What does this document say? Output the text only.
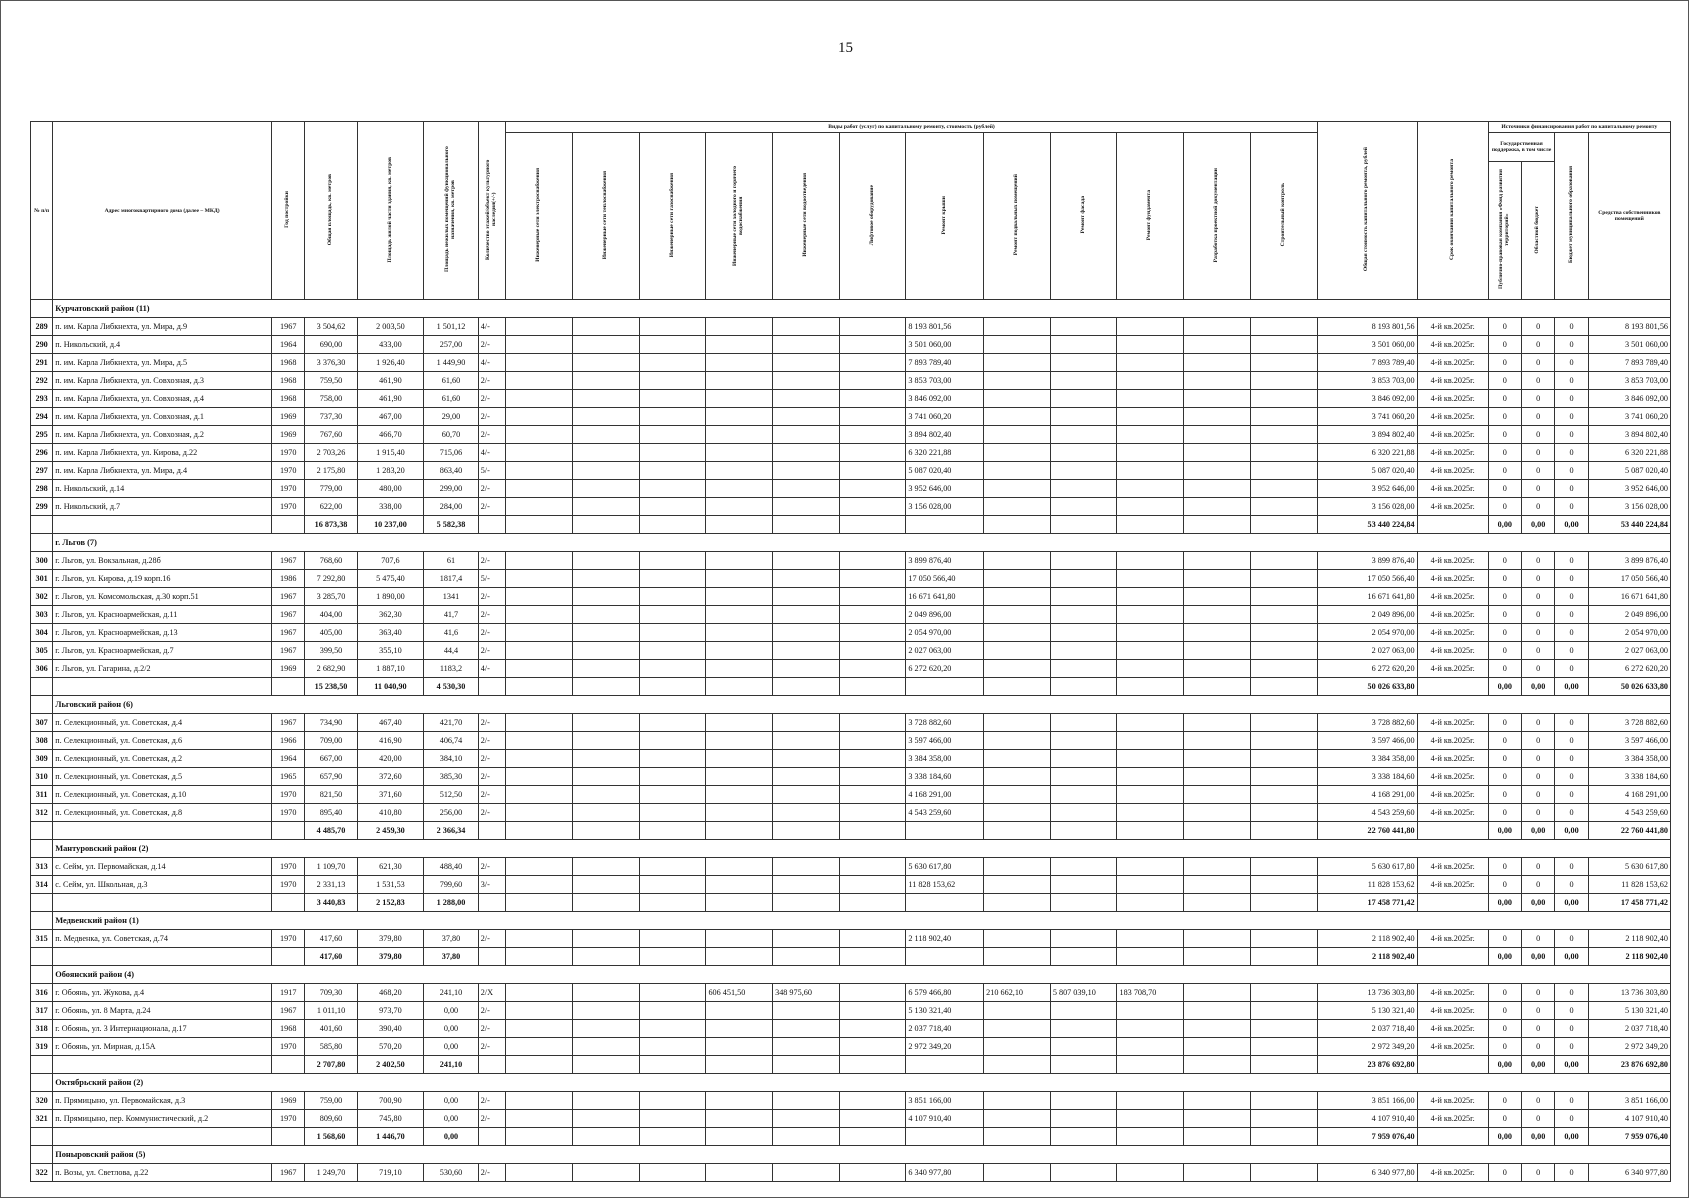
15
№ п/п	Адрес многоквартирного дома (далее – МКД)	Год постройки	Общая площадь, кв. метров	Площадь жилой части здания, кв. метров	Площадь нежилых помещений функционального назначения, кв. метров	Количество этажей/объект культурного наследия(+/-)	Виды работ (услуг) по капитальному ремонту, стоимость (рублей)												Общая стоимость капитального ремонта, рублей	Срок окончания капитального ремонта	Источники финансирования работ по капитальному ремонту			
							Инженерные сети электроснабжения	Инженерные сети теплоснабжения	Инженерные сети газоснабжения	Инженерные сети холодного и горячего водоснабжения	Инженерные сети водоотведения	Лифтовое оборудование	Ремонт крыши	Ремонт подвальных помещений	Ремонт фасада	Ремонт фундамента	Разработка проектной документации	Строительный контроль			Государственная поддержка, в том числе		Бюджет муниципального образования	Средства собственников помещений
																					Публично-правовая компания «Фонд развития территорий»	Областной бюджет		
	Курчатовский район (11)																							
289	п. им. Карла Либкнехта, ул. Мира, д.9	1967	3 504,62	2 003,50	1 501,12	4/-							8 193 801,56						8 193 801,56	4-й кв.2025г.	0	0	0	8 193 801,56
290	п. Никольский, д.4	1964	690,00	433,00	257,00	2/-							3 501 060,00						3 501 060,00	4-й кв.2025г.	0	0	0	3 501 060,00
291	п. им. Карла Либкнехта, ул. Мира, д.5	1968	3 376,30	1 926,40	1 449,90	4/-							7 893 789,40						7 893 789,40	4-й кв.2025г.	0	0	0	7 893 789,40
292	п. им. Карла Либкнехта, ул. Совхозная, д.3	1968	759,50	461,90	61,60	2/-							3 853 703,00						3 853 703,00	4-й кв.2025г.	0	0	0	3 853 703,00
293	п. им. Карла Либкнехта, ул. Совхозная, д.4	1968	758,00	461,90	61,60	2/-							3 846 092,00						3 846 092,00	4-й кв.2025г.	0	0	0	3 846 092,00
294	п. им. Карла Либкнехта, ул. Совхозная, д.1	1969	737,30	467,00	29,00	2/-							3 741 060,20						3 741 060,20	4-й кв.2025г.	0	0	0	3 741 060,20
295	п. им. Карла Либкнехта, ул. Совхозная, д.2	1969	767,60	466,70	60,70	2/-							3 894 802,40						3 894 802,40	4-й кв.2025г.	0	0	0	3 894 802,40
296	п. им. Карла Либкнехта, ул. Кирова, д.22	1970	2 703,26	1 915,40	715,06	4/-							6 320 221,88						6 320 221,88	4-й кв.2025г.	0	0	0	6 320 221,88
297	п. им. Карла Либкнехта, ул. Мира, д.4	1970	2 175,80	1 283,20	863,40	5/-							5 087 020,40						5 087 020,40	4-й кв.2025г.	0	0	0	5 087 020,40
298	п. Никольский, д.14	1970	779,00	480,00	299,00	2/-							3 952 646,00						3 952 646,00	4-й кв.2025г.	0	0	0	3 952 646,00
299	п. Никольский, д.7	1970	622,00	338,00	284,00	2/-							3 156 028,00						3 156 028,00	4-й кв.2025г.	0	0	0	3 156 028,00
			16 873,38	10 237,00	5 582,38														53 440 224,84		0,00	0,00	0,00	53 440 224,84
	г. Льгов (7)																							
300	г. Льгов, ул. Вокзальная, д.28б	1967	768,60	707,6	61	2/-							3 899 876,40						3 899 876,40	4-й кв.2025г.	0	0	0	3 899 876,40
301	г. Льгов, ул. Кирова, д.19 корп.16	1986	7 292,80	5 475,40	1817,4	5/-							17 050 566,40						17 050 566,40	4-й кв.2025г.	0	0	0	17 050 566,40
302	г. Льгов, ул. Комсомольская, д.30 корп.51	1967	3 285,70	1 890,00	1341	2/-							16 671 641,80						16 671 641,80	4-й кв.2025г.	0	0	0	16 671 641,80
303	г. Льгов, ул. Красноармейская, д.11	1967	404,00	362,30	41,7	2/-							2 049 896,00						2 049 896,00	4-й кв.2025г.	0	0	0	2 049 896,00
304	г. Льгов, ул. Красноармейская, д.13	1967	405,00	363,40	41,6	2/-							2 054 970,00						2 054 970,00	4-й кв.2025г.	0	0	0	2 054 970,00
305	г. Льгов, ул. Красноармейская, д.7	1967	399,50	355,10	44,4	2/-							2 027 063,00						2 027 063,00	4-й кв.2025г.	0	0	0	2 027 063,00
306	г. Льгов, ул. Гагарина, д.2/2	1969	2 682,90	1 887,10	1183,2	4/-							6 272 620,20						6 272 620,20	4-й кв.2025г.	0	0	0	6 272 620,20
			15 238,50	11 040,90	4 530,30														50 026 633,80		0,00	0,00	0,00	50 026 633,80
	Льговский район (6)																							
307	п. Селекционный, ул. Советская, д.4	1967	734,90	467,40	421,70	2/-							3 728 882,60						3 728 882,60	4-й кв.2025г.	0	0	0	3 728 882,60
308	п. Селекционный, ул. Советская, д.6	1966	709,00	416,90	406,74	2/-							3 597 466,00						3 597 466,00	4-й кв.2025г.	0	0	0	3 597 466,00
309	п. Селекционный, ул. Советская, д.2	1964	667,00	420,00	384,10	2/-							3 384 358,00						3 384 358,00	4-й кв.2025г.	0	0	0	3 384 358,00
310	п. Селекционный, ул. Советская, д.5	1965	657,90	372,60	385,30	2/-							3 338 184,60						3 338 184,60	4-й кв.2025г.	0	0	0	3 338 184,60
311	п. Селекционный, ул. Советская, д.10	1970	821,50	371,60	512,50	2/-							4 168 291,00						4 168 291,00	4-й кв.2025г.	0	0	0	4 168 291,00
312	п. Селекционный, ул. Советская, д.8	1970	895,40	410,80	256,00	2/-							4 543 259,60						4 543 259,60	4-й кв.2025г.	0	0	0	4 543 259,60
			4 485,70	2 459,30	2 366,34														22 760 441,80		0,00	0,00	0,00	22 760 441,80
	Мантуровский район (2)																							
313	с. Сейм, ул. Первомайская, д.14	1970	1 109,70	621,30	488,40	2/-							5 630 617,80						5 630 617,80	4-й кв.2025г.	0	0	0	5 630 617,80
314	с. Сейм, ул. Школьная, д.3	1970	2 331,13	1 531,53	799,60	3/-							11 828 153,62						11 828 153,62	4-й кв.2025г.	0	0	0	11 828 153,62
			3 440,83	2 152,83	1 288,00														17 458 771,42		0,00	0,00	0,00	17 458 771,42
	Медвенский район (1)																							
315	п. Медвенка, ул. Советская, д.74	1970	417,60	379,80	37,80	2/-							2 118 902,40						2 118 902,40	4-й кв.2025г.	0	0	0	2 118 902,40
			417,60	379,80	37,80														2 118 902,40		0,00	0,00	0,00	2 118 902,40
	Обоянский район (4)																							
316	г. Обоянь, ул. Жукова, д.4	1917	709,30	468,20	241,10	2/Х				606 451,50	348 975,60		6 579 466,80	210 662,10	5 807 039,10	183 708,70			13 736 303,80	4-й кв.2025г.	0	0	0	13 736 303,80
317	г. Обоянь, ул. 8 Марта, д.24	1967	1 011,10	973,70	0,00	2/-							5 130 321,40						5 130 321,40	4-й кв.2025г.	0	0	0	5 130 321,40
318	г. Обоянь, ул. 3 Интернационала, д.17	1968	401,60	390,40	0,00	2/-							2 037 718,40						2 037 718,40	4-й кв.2025г.	0	0	0	2 037 718,40
319	г. Обоянь, ул. Мирная, д.15А	1970	585,80	570,20	0,00	2/-							2 972 349,20						2 972 349,20	4-й кв.2025г.	0	0	0	2 972 349,20
			2 707,80	2 402,50	241,10														23 876 692,80		0,00	0,00	0,00	23 876 692,80
	Октябрьский район (2)																							
320	п. Прямицыно, ул. Первомайская, д.3	1969	759,00	700,90	0,00	2/-							3 851 166,00						3 851 166,00	4-й кв.2025г.	0	0	0	3 851 166,00
321	п. Прямицыно, пер. Коммунистический, д.2	1970	809,60	745,80	0,00	2/-							4 107 910,40						4 107 910,40	4-й кв.2025г.	0	0	0	4 107 910,40
			1 568,60	1 446,70	0,00														7 959 076,40		0,00	0,00	0,00	7 959 076,40
	Поныровский район (5)																							
322	п. Возы, ул. Светлова, д.22	1967	1 249,70	719,10	530,60	2/-							6 340 977,80						6 340 977,80	4-й кв.2025г.	0	0	0	6 340 977,80
